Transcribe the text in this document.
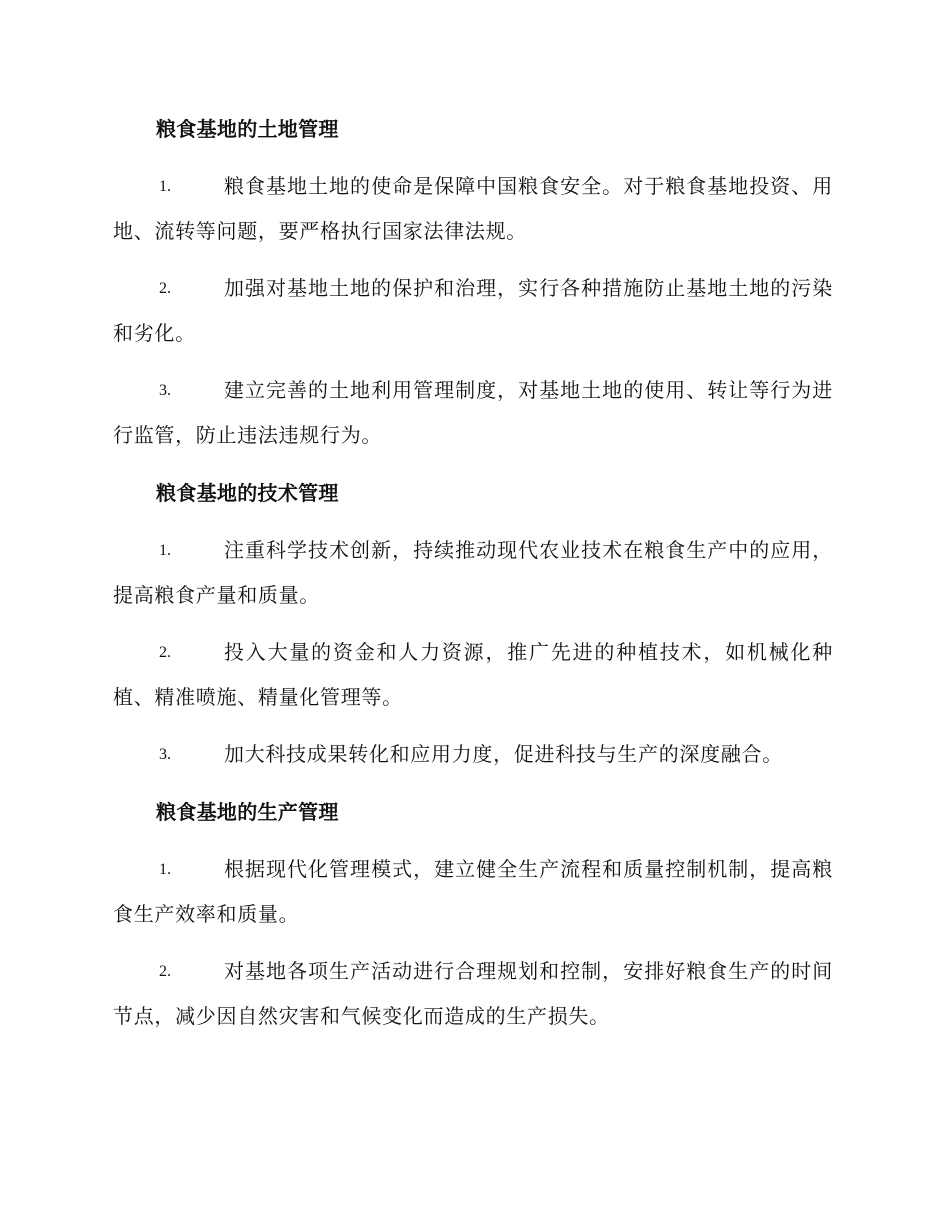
粮食基地的土地管理
1.	粮食基地土地的使命是保障中国粮食安全。对于粮食基地投资、用地、流转等问题，要严格执行国家法律法规。
2.	加强对基地土地的保护和治理，实行各种措施防止基地土地的污染和劣化。
3.	建立完善的土地利用管理制度，对基地土地的使用、转让等行为进行监管，防止违法违规行为。
粮食基地的技术管理
1.	注重科学技术创新，持续推动现代农业技术在粮食生产中的应用，提高粮食产量和质量。
2.	投入大量的资金和人力资源，推广先进的种植技术，如机械化种植、精准喷施、精量化管理等。
3.	加大科技成果转化和应用力度，促进科技与生产的深度融合。
粮食基地的生产管理
1.	根据现代化管理模式，建立健全生产流程和质量控制机制，提高粮食生产效率和质量。
2.	对基地各项生产活动进行合理规划和控制，安排好粮食生产的时间节点，减少因自然灾害和气候变化而造成的生产损失。
